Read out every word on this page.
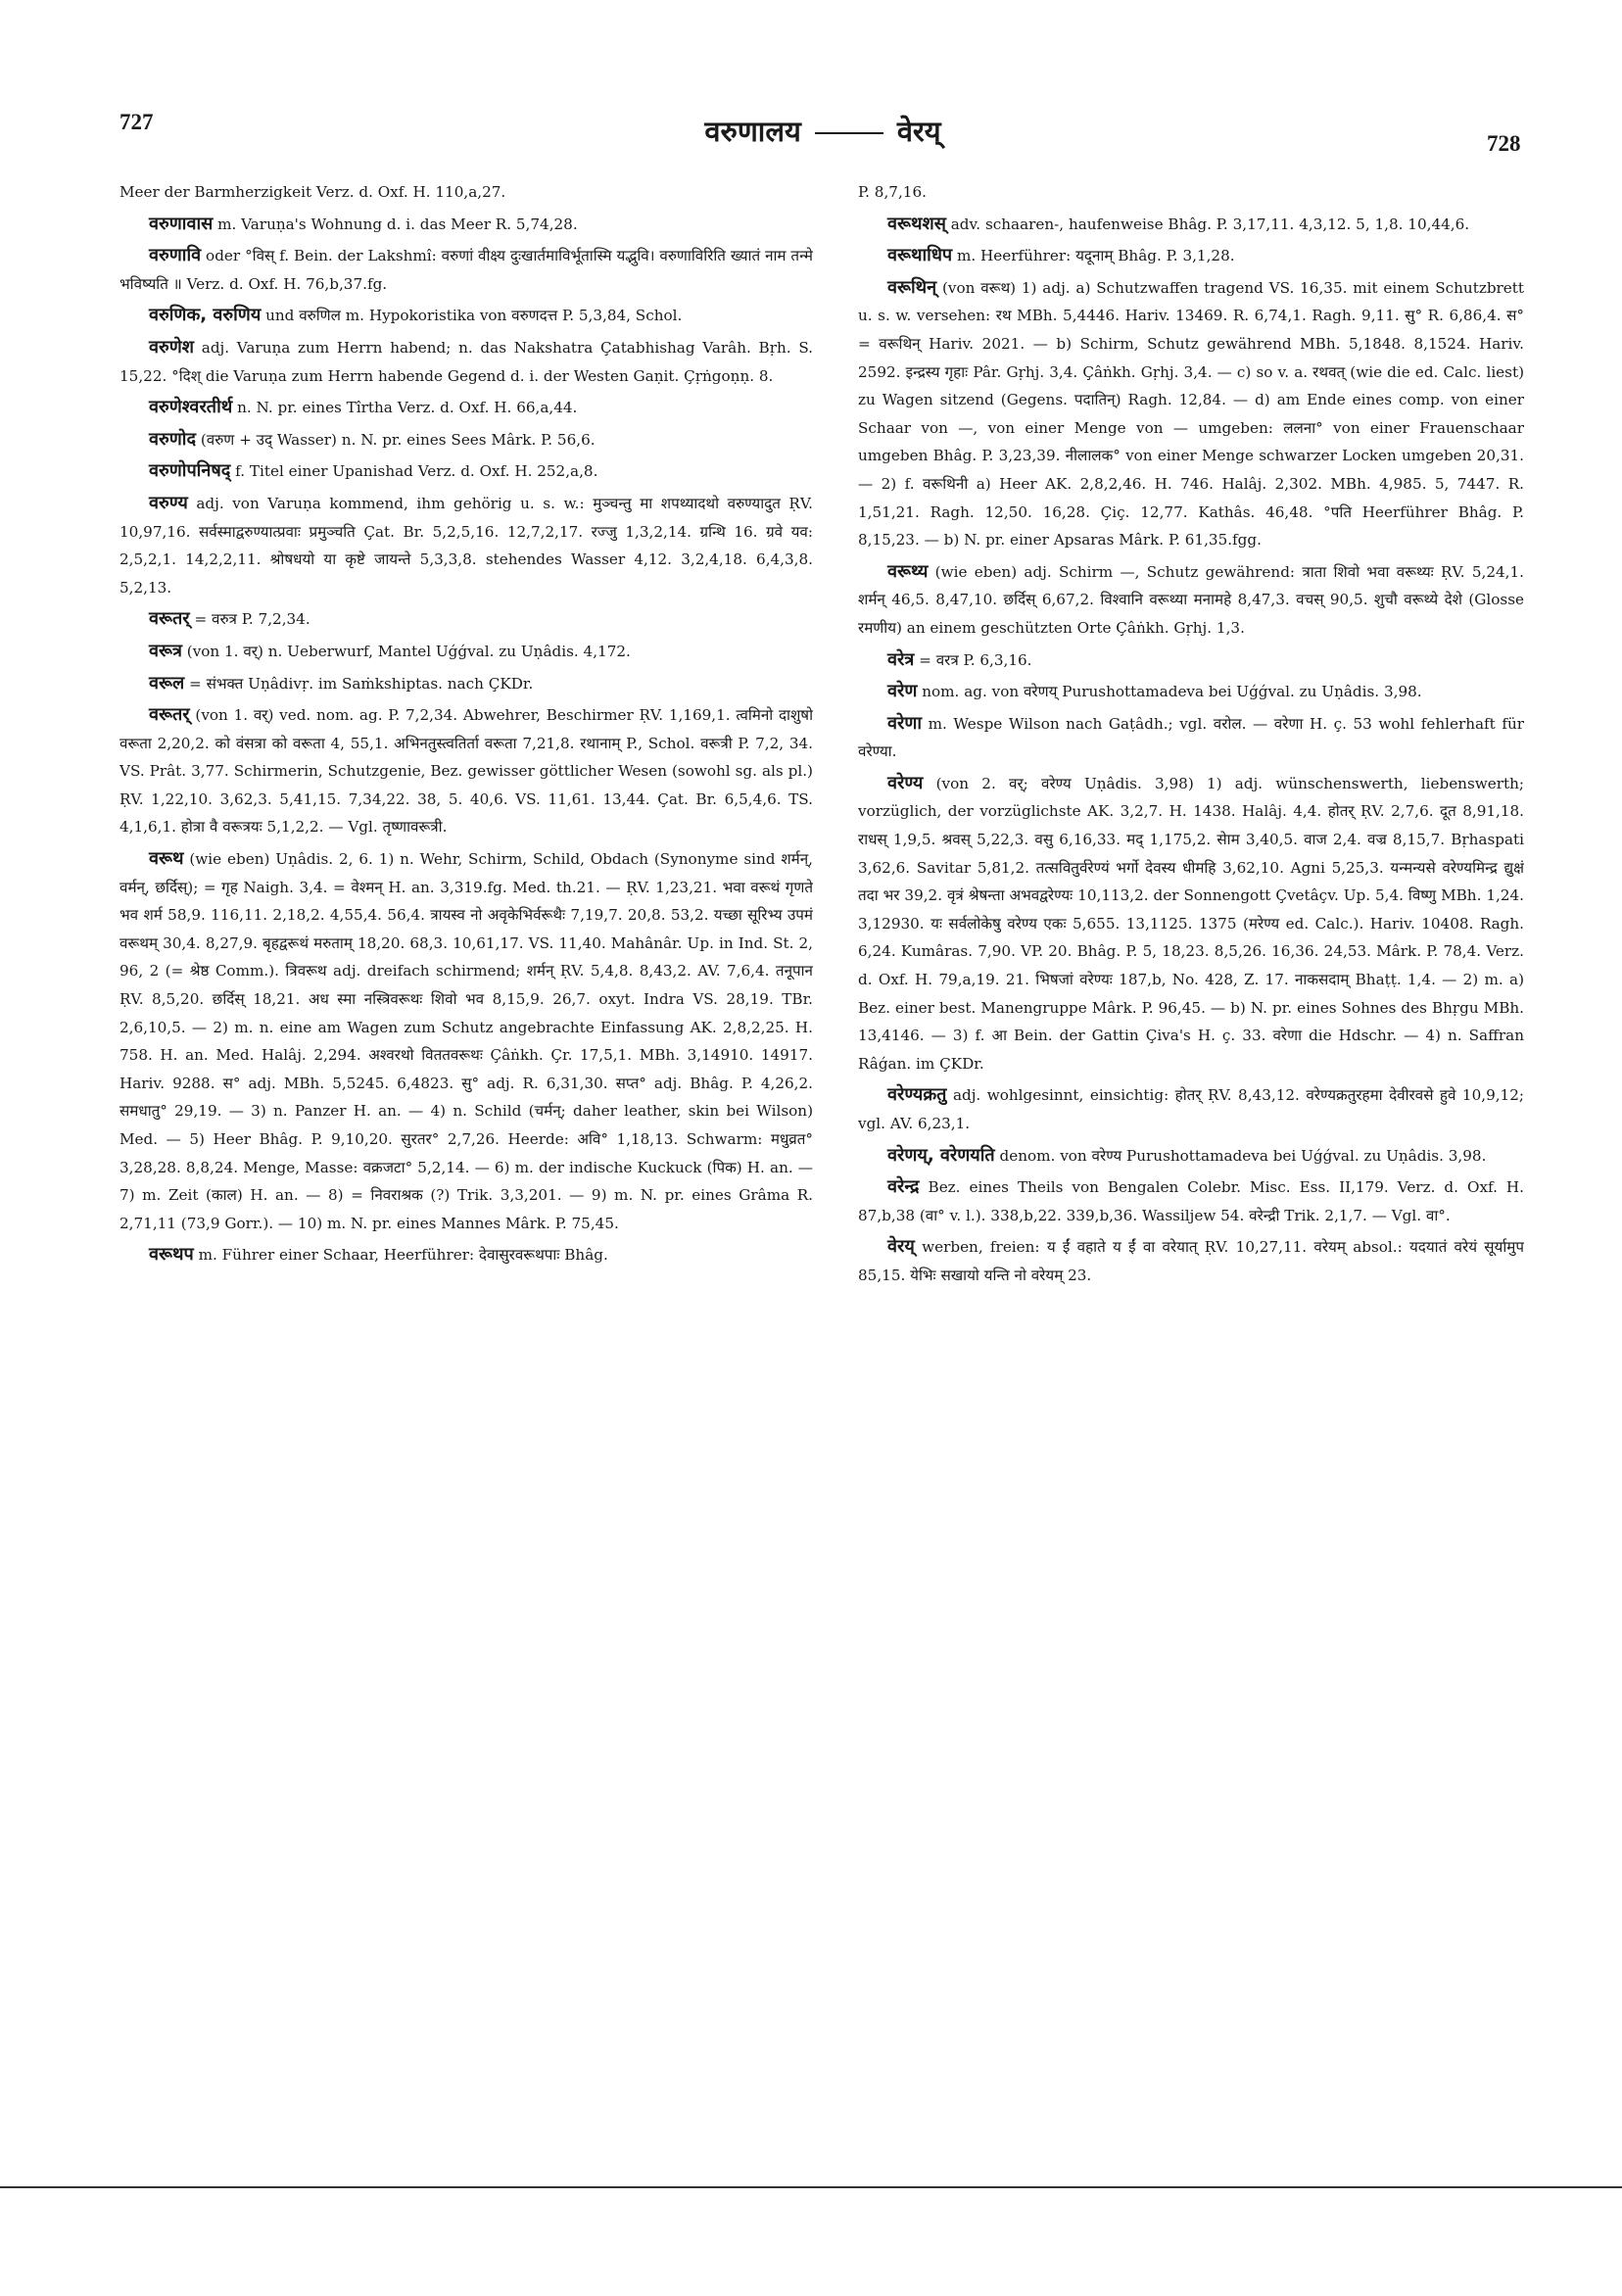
727	वरुणालय	वेरय्	728

Meer der Barmherzigkeit Verz. d. Oxf. H. 110,a,27.

वरुणावास m. Varuṇa's Wohnung d. i. das Meer R. 5,74,28.

वरुणावि oder °विस् f. Bein. der Lakshmî: वरुणां वीक्ष्य दुःखार्तमाविर्भूतास्मि यद्भुवि। वरुणाविरिति ख्यातं नाम तन्मे भविष्यति ॥ Verz. d. Oxf. H. 76,b,37.fg.

वरुणिक, वरुणिय und वरुणिल m. Hypokoristika von वरुणदत्त P. 5,3,84, Schol.

वरुणेश adj. Varuṇa zum Herrn habend; n. das Nakshatra Çatabhishag Varâh. Bṛh. S. 15,22. °दिश् die Varuṇa zum Herrn habende Gegend d. i. der Westen Gaṇit. Çṛṅgoṇṇ. 8.

वरुणेश्वरतीर्थ n. N. pr. eines Tîrtha Verz. d. Oxf. H. 66,a,44.

वरुणोद (वरुण + उद् Wasser) n. N. pr. eines Sees Mârk. P. 56,6.

वरुणोपनिषद् f. Titel einer Upanishad Verz. d. Oxf. H. 252,a,8.

वरुण्य adj. von Varuṇa kommend, ihm gehörig u. s. w.: मुञ्चन्तु मा शपथ्यादथो वरुण्यादुत ṚV. 10,97,16. सर्वस्माद्वरुण्यात्प्रवाः प्रमुञ्चति Çat. Br. 5,2,5,16. 12,7,2,17. रज्जु 1,3,2,14. ग्रन्थि 16. ग्रवे यव: 2,5,2,1. 14,2,2,11. श्रोषधयो या कृष्टे जायन्ते 5,3,3,8. stehendes Wasser 4,12. 3,2,4,18. 6,4,3,8. 5,2,13.

वरूतर् = वरुत्र P. 7,2,34.

वरूत्र (von 1. वर्) n. Ueberwurf, Mantel Uǵǵval. zu Uṇâdis. 4,172.

वरूल = संभक्त Uṇâdivṛ. im Saṁkshiptas. nach ÇKDr.

वरूतर् (von 1. वर्) ved. nom. ag. P. 7,2,34. Abwehrer, Beschirmer ṚV. 1,169,1. त्वमिनो दाशुषो वरूता 2,20,2. को वंसत्रा को वरूता 4, 55,1. अभिनतुस्त्वतिर्ता वरूता 7,21,8. रथानाम् P., Schol. वरूत्री P. 7,2, 34. VS. Prât. 3,77. Schirmerin, Schutzgenie, Bez. gewisser göttlicher Wesen (sowohl sg. als pl.) ṚV. 1,22,10. 3,62,3. 5,41,15. 7,34,22. 38, 5. 40,6. VS. 11,61. 13,44. Çat. Br. 6,5,4,6. TS. 4,1,6,1. होत्रा वै वरूत्रयः 5,1,2,2. — Vgl. तृष्णावरूत्री.

वरूथ (wie eben) Uṇâdis. 2, 6. 1) n. Wehr, Schirm, Schild, Obdach (Synonyme sind शर्मन्, वर्मन्, छर्दिस्); = गृह Naigh. 3,4. = वेश्मन् H. an. 3,319.fg. Med. th.21. — ṚV. 1,23,21. भवा वरूथं गृणते भव शर्म 58,9. 116,11. 2,18,2. 4,55,4. 56,4. त्रायस्व नो अवृकेभिर्वरूथैः 7,19,7. 20,8. 53,2. यच्छा सूरिभ्य उपमं वरूथम् 30,4. 8,27,9. बृहद्वरूथं मरुताम् 18,20. 68,3. 10,61,17. VS. 11,40. Mahânâr. Up. in Ind. St. 2, 96, 2 (= श्रेष्ठ Comm.). त्रिवरूथ adj. dreifach schirmend; शर्मन् ṚV. 5,4,8. 8,43,2. AV. 7,6,4. तनूपान ṚV. 8,5,20. छर्दिस् 18,21. अध स्मा नस्त्रिवरूथः शिवो भव 8,15,9. 26,7. oxyt. Indra VS. 28,19. TBr. 2,6,10,5. — 2) m. n. eine am Wagen zum Schutz angebrachte Einfassung AK. 2,8,2,25. H. 758. H. an. Med. Halâj. 2,294. अश्वरथो विततवरूथः Çâṅkh. Çr. 17,5,1. MBh. 3,14910. 14917. Hariv. 9288. स° adj. MBh. 5,5245. 6,4823. सु° adj. R. 6,31,30. सप्त° adj. Bhâg. P. 4,26,2. समधातु° 29,19. — 3) n. Panzer H. an. — 4) n. Schild (चर्मन्; daher leather, skin bei Wilson) Med. — 5) Heer Bhâg. P. 9,10,20. सुरतर° 2,7,26. Heerde: अवि° 1,18,13. Schwarm: मधुव्रत° 3,28,28. 8,8,24. Menge, Masse: वक्रजटा° 5,2,14. — 6) m. der indische Kuckuck (पिक) H. an. — 7) m. Zeit (काल) H. an. — 8) = निवराश्रक (?) Trik. 3,3,201. — 9) m. N. pr. eines Grâma R. 2,71,11 (73,9 Gorr.). — 10) m. N. pr. eines Mannes Mârk. P. 75,45.

वरूथप m. Führer einer Schaar, Heerführer: देवासुरवरूथपाः Bhâg.

P. 8,7,16.

वरूथशस् adv. schaaren-, haufenweise Bhâg. P. 3,17,11. 4,3,12. 5, 1,8. 10,44,6.

वरूथाधिप m. Heerführer: यदूनाम् Bhâg. P. 3,1,28.

वरूथिन् (von वरूथ) 1) adj. a) Schutzwaffen tragend VS. 16,35. mit einem Schutzbrett u. s. w. versehen: रथ MBh. 5,4446. Hariv. 13469. R. 6,74,1. Ragh. 9,11. सु° R. 6,86,4. स° = वरूथिन् Hariv. 2021. — b) Schirm, Schutz gewährend MBh. 5,1848. 8,1524. Hariv. 2592. इन्द्रस्य गृहाः Pâr. Gṛhj. 3,4. Çâṅkh. Gṛhj. 3,4. — c) so v. a. रथवत् (wie die ed. Calc. liest) zu Wagen sitzend (Gegens. पदातिन्) Ragh. 12,84. — d) am Ende eines comp. von einer Schaar von —, von einer Menge von — umgeben: ललना° von einer Frauenschaar umgeben Bhâg. P. 3,23,39. नीलालक° von einer Menge schwarzer Locken umgeben 20,31. — 2) f. वरूथिनी a) Heer AK. 2,8,2,46. H. 746. Halâj. 2,302. MBh. 4,985. 5, 7447. R. 1,51,21. Ragh. 12,50. 16,28. Çiç. 12,77. Kathâs. 46,48. °पति Heerführer Bhâg. P. 8,15,23. — b) N. pr. einer Apsaras Mârk. P. 61,35.fgg.

वरूथ्य (wie eben) adj. Schirm —, Schutz gewährend: त्राता शिवो भवा वरूथ्यः ṚV. 5,24,1. शर्मन् 46,5. 8,47,10. छर्दिस् 6,67,2. विश्वानि वरूथ्या मनामहे 8,47,3. वचस् 90,5. शुचौ वरूथ्ये देशे (Glosse रमणीय) an einem geschützten Orte Çâṅkh. Gṛhj. 1,3.

वरेत्र = वरत्र P. 6,3,16.

वरेण nom. ag. von वरेणय् Purushottamadeva bei Uǵǵval. zu Uṇâdis. 3,98.

वरेणा m. Wespe Wilson nach Gaṭâdh.; vgl. वरोल. — वरेणा H. ç. 53 wohl fehlerhaft für वरेण्या.

वरेण्य (von 2. वर्; वरेण्य Uṇâdis. 3,98) 1) adj. wünschenswerth, liebenswerth; vorzüglich, der vorzüglichste AK. 3,2,7. H. 1438. Halâj. 4,4. होतर् ṚV. 2,7,6. दूत 8,91,18. राधस् 1,9,5. श्रवस् 5,22,3. वसु 6,16,33. मद् 1,175,2. सेाम 3,40,5. वाज 2,4. वज्र 8,15,7. Bṛhaspati 3,62,6. Savitar 5,81,2. तत्सवितुर्वरेण्यं भर्गो देवस्य धीमहि 3,62,10. Agni 5,25,3. यन्मन्यसे वरेण्यमिन्द्र द्युक्षं तदा भर 39,2. वृत्रं श्रेषन्ता अभवद्वरेण्यः 10,113,2. der Sonnengott Çvetâçv. Up. 5,4. विष्णु MBh. 1,24. 3,12930. यः सर्वलोकेषु वरेण्य एकः 5,655. 13,1125. 1375 (मरेण्य ed. Calc.). Hariv. 10408. Ragh. 6,24. Kumâras. 7,90. VP. 20. Bhâg. P. 5, 18,23. 8,5,26. 16,36. 24,53. Mârk. P. 78,4. Verz. d. Oxf. H. 79,a,19. 21. भिषजां वरेण्यः 187,b, No. 428, Z. 17. नाकसदाम् Bhaṭṭ. 1,4. — 2) m. a) Bez. einer best. Manengruppe Mârk. P. 96,45. — b) N. pr. eines Sohnes des Bhṛgu MBh. 13,4146. — 3) f. आ Bein. der Gattin Çiva's H. ç. 33. वरेणा die Hdschr. — 4) n. Saffran Râǵan. im ÇKDr.

वरेण्यक्रतु adj. wohlgesinnt, einsichtig: होतर् ṚV. 8,43,12. वरेण्यक्रतुरहमा देवीरवसे हुवे 10,9,12; vgl. AV. 6,23,1.

वरेणय्, वरेणयति denom. von वरेण्य Purushottamadeva bei Uǵǵval. zu Uṇâdis. 3,98.

वरेन्द्र Bez. eines Theils von Bengalen Colebr. Misc. Ess. II,179. Verz. d. Oxf. H. 87,b,38 (वा° v. l.). 338,b,22. 339,b,36. Wassiljew 54. वरेन्द्री Trik. 2,1,7. — Vgl. वा°.

वेरय् werben, freien: य ईं वहाते य ईं वा वरेयात् ṚV. 10,27,11. वरेयम् absol.: यदयातं वरेयं सूर्यामुप 85,15. येभिः सखायो यन्ति नो वरेयम् 23.
